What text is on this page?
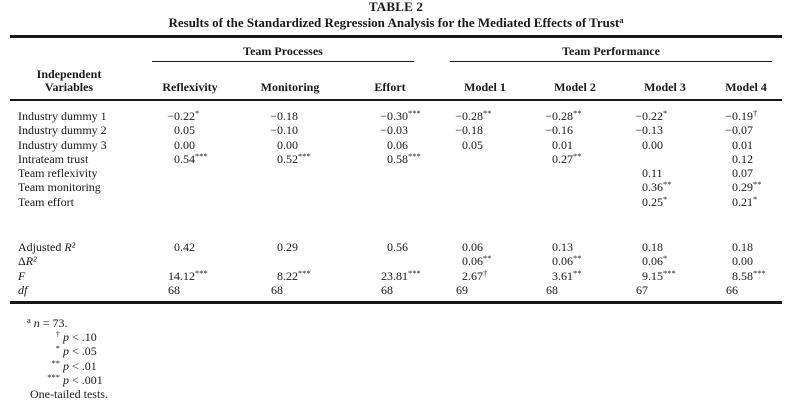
TABLE 2
Results of the Standardized Regression Analysis for the Mediated Effects of Trust$^a$

	Team Processes			Team Performance			

Independent
Variables	Reflexivity	Monitoring	Effort	Model 1	Model 2	Model 3	Model 4
Industry dummy 1	−0.22*	−0.18	−0.30***	−0.28**	−0.28**	−0.22*	−0.19†
Industry dummy 2	0.05	−0.10	−0.03	−0.18	−0.16	−0.13	−0.07
Industry dummy 3	0.00	0.00	0.06	0.05	0.01	0.00	0.01
Intrateam trust	0.54***	0.52***	0.58***		0.27**		0.12
Team reflexivity						0.11	0.07
Team monitoring						0.36**	0.29**
Team effort						0.25*	0.21*
Adjusted R²	0.42	0.29	0.56	0.06	0.13	0.18	0.18
ΔR²				0.06**	0.06**	0.06*	0.00
F	14.12***	8.22***	23.81***	2.67†	3.61**	9.15***	8.58***
df	68	68	68	69	68	67	66
$^a$ n = 73.
† p < .10
* p < .05
** p < .01
*** p < .001
One-tailed tests.
